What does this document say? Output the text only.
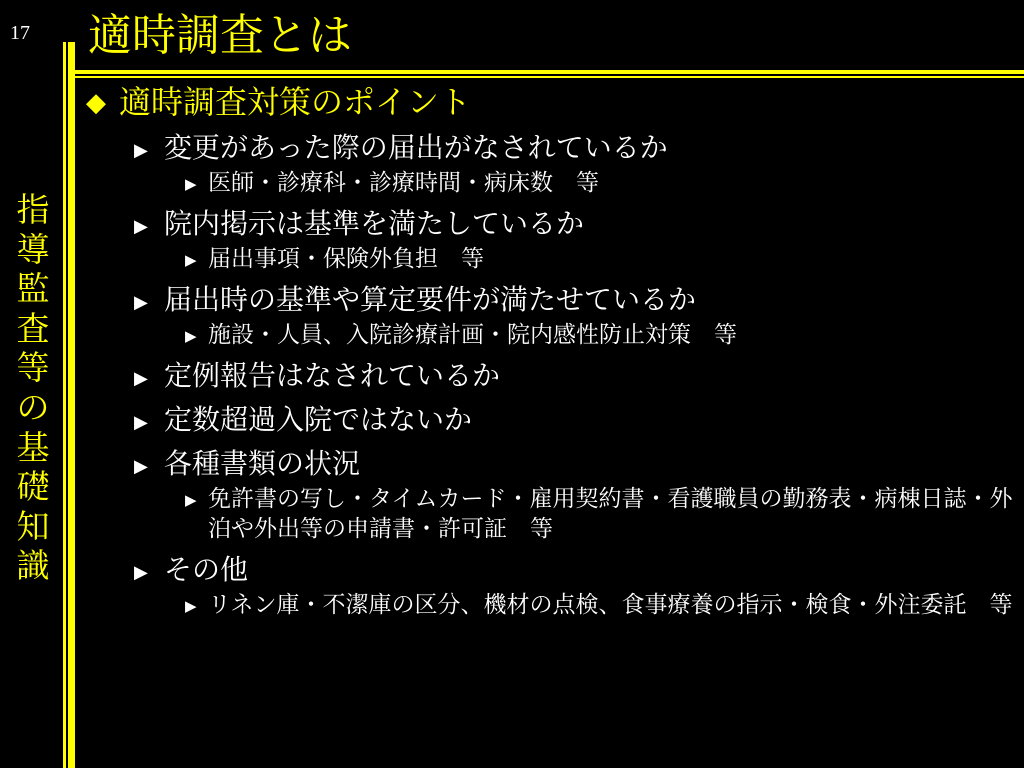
17 適時調査とは
指導監査等の基礎知識
◆ 適時調査対策のポイント
▶ 変更があった際の届出がなされているか
▶ 医師・診療科・診療時間・病床数　等
▶ 院内掲示は基準を満たしているか
▶ 届出事項・保険外負担　等
▶ 届出時の基準や算定要件が満たせているか
▶ 施設・人員、入院診療計画・院内感性防止対策　等
▶ 定例報告はなされているか
▶ 定数超過入院ではないか
▶ 各種書類の状況
▶ 免許書の写し・タイムカード・雇用契約書・看護職員の勤務表・病棟日誌・外泊や外出等の申請書・許可証　等
▶ その他
▶ リネン庫・不潔庫の区分、機材の点検、食事療養の指示・検食・外注委託　等
